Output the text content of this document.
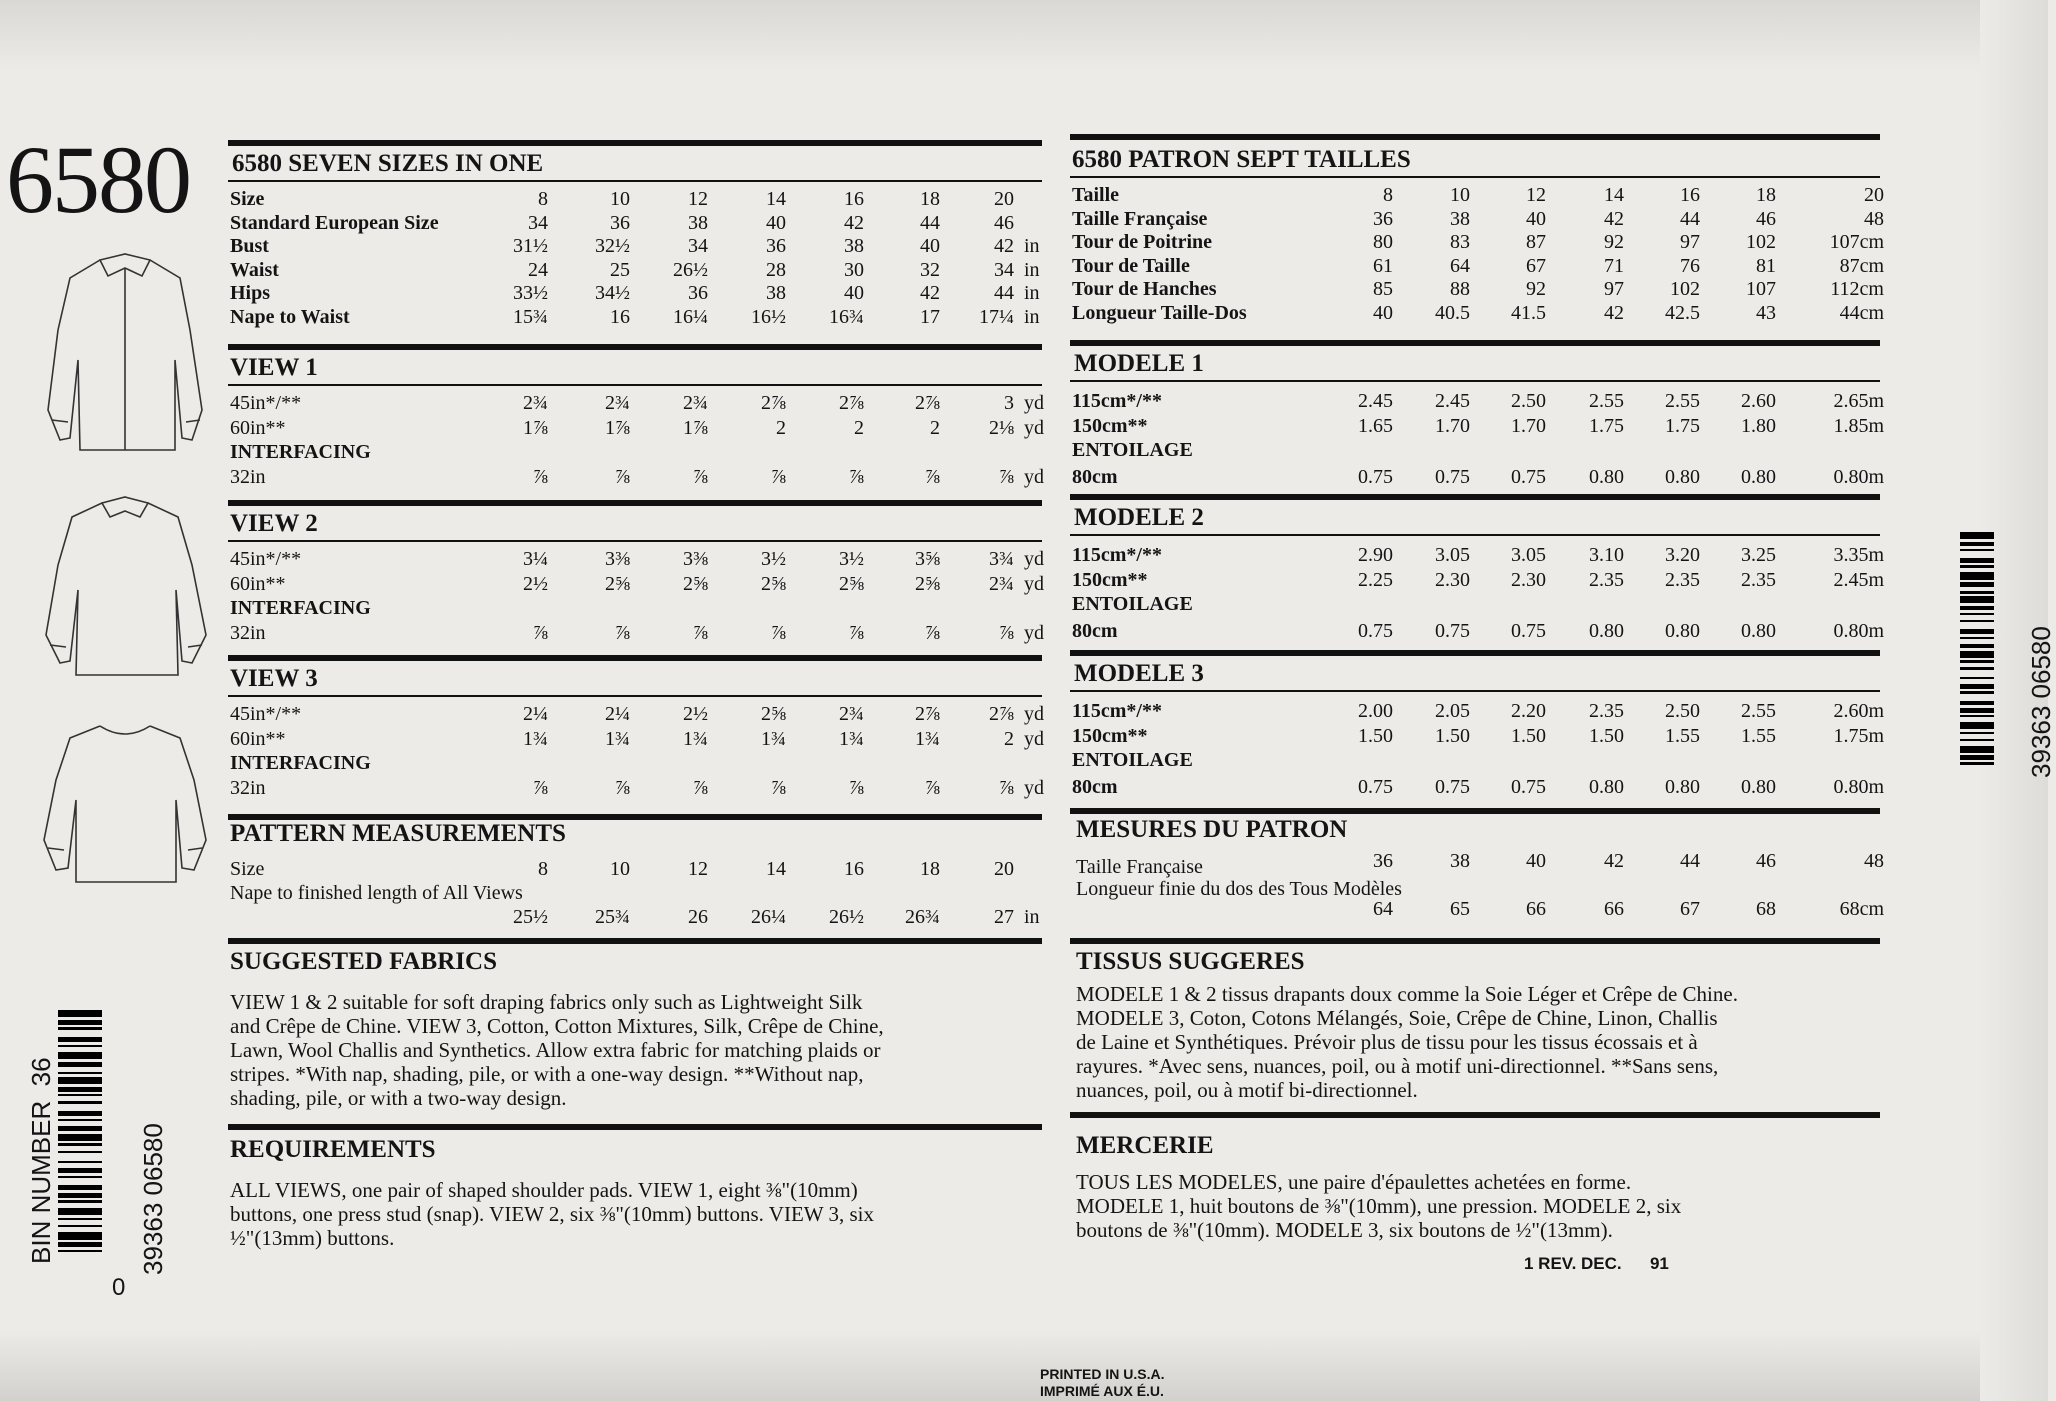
6580 6580 SEVEN SIZES IN ONE
Size	8	10	12	14	16	18	20
Standard European Size	34	36	38	40	42	44	46
Bust	31½	32½	34	36	38	40	42 in
Waist	24	25	26½	28	30	32	34 in
Hips	33½	34½	36	38	40	42	44 in
Nape to Waist	15¾	16	16¼	16½	16¾	17	17¼ in
VIEW 1
45in*/**	2¾	2¾	2¾	2⅞	2⅞	2⅞	3 yd
60in**	1⅞	1⅞	1⅞	2	2	2	2⅛ yd
INTERFACING
32in	⅞	⅞	⅞	⅞	⅞	⅞	⅞ yd
VIEW 2
45in*/**	3¼	3⅜	3⅜	3½	3½	3⅝	3¾ yd
60in**	2½	2⅝	2⅝	2⅝	2⅝	2⅝	2¾ yd
INTERFACING
32in	⅞	⅞	⅞	⅞	⅞	⅞	⅞ yd
VIEW 3
45in*/**	2¼	2¼	2½	2⅝	2¾	2⅞	2⅞ yd
60in**	1¾	1¾	1¾	1¾	1¾	1¾	2 yd
INTERFACING
32in	⅞	⅞	⅞	⅞	⅞	⅞	⅞ yd
PATTERN MEASUREMENTS
Size	8	10	12	14	16	18	20
Nape to finished length of All Views
25½	25¾	26	26¼	26½	26¾	27 in
SUGGESTED FABRICS
VIEW 1 & 2 suitable for soft draping fabrics only such as Lightweight Silk
and Crêpe de Chine. VIEW 3, Cotton, Cotton Mixtures, Silk, Crêpe de Chine,
Lawn, Wool Challis and Synthetics. Allow extra fabric for matching plaids or
stripes. *With nap, shading, pile, or with a one-way design. **Without nap,
shading, pile, or with a two-way design.
REQUIREMENTS
ALL VIEWS, one pair of shaped shoulder pads. VIEW 1, eight ⅜"(10mm)
buttons, one press stud (snap). VIEW 2, six ⅜"(10mm) buttons. VIEW 3, six
½"(13mm) buttons.
6580 PATRON SEPT TAILLES
Taille	8	10	12	14	16	18	20
Taille Française	36	38	40	42	44	46	48
Tour de Poitrine	80	83	87	92	97	102	107cm
Tour de Taille	61	64	67	71	76	81	87cm
Tour de Hanches	85	88	92	97	102	107	112cm
Longueur Taille-Dos	40	40.5	41.5	42	42.5	43	44cm
MODELE 1
115cm*/**	2.45	2.45	2.50	2.55	2.55	2.60	2.65m
150cm**	1.65	1.70	1.70	1.75	1.75	1.80	1.85m
ENTOILAGE
80cm	0.75	0.75	0.75	0.80	0.80	0.80	0.80m
MODELE 2
115cm*/**	2.90	3.05	3.05	3.10	3.20	3.25	3.35m
150cm**	2.25	2.30	2.30	2.35	2.35	2.35	2.45m
ENTOILAGE
80cm	0.75	0.75	0.75	0.80	0.80	0.80	0.80m
MODELE 3
115cm*/**	2.00	2.05	2.20	2.35	2.50	2.55	2.60m
150cm**	1.50	1.50	1.50	1.50	1.55	1.55	1.75m
ENTOILAGE
80cm	0.75	0.75	0.75	0.80	0.80	0.80	0.80m
MESURES DU PATRON
Taille Française	36	38	40	42	44	46	48
Longueur finie du dos des Tous Modèles
64	65	66	66	67	68	68cm
TISSUS SUGGERES
MODELE 1 & 2 tissus drapants doux comme la Soie Léger et Crêpe de Chine.
MODELE 3, Coton, Cotons Mélangés, Soie, Crêpe de Chine, Linon, Challis
de Laine et Synthétiques. Prévoir plus de tissu pour les tissus écossais et à
rayures. *Avec sens, nuances, poil, ou à motif uni-directionnel. **Sans sens,
nuances, poil, ou à motif bi-directionnel.
MERCERIE
TOUS LES MODELES, une paire d'épaulettes achetées en forme.
MODELE 1, huit boutons de ⅜"(10mm), une pression. MODELE 2, six
boutons de ⅜"(10mm). MODELE 3, six boutons de ½"(13mm).
1 REV. DEC.      91
BIN NUMBER  36	39363 06580
0
39363 06580
PRINTED IN U.S.A.
IMPRIMÉ AUX É.U.
